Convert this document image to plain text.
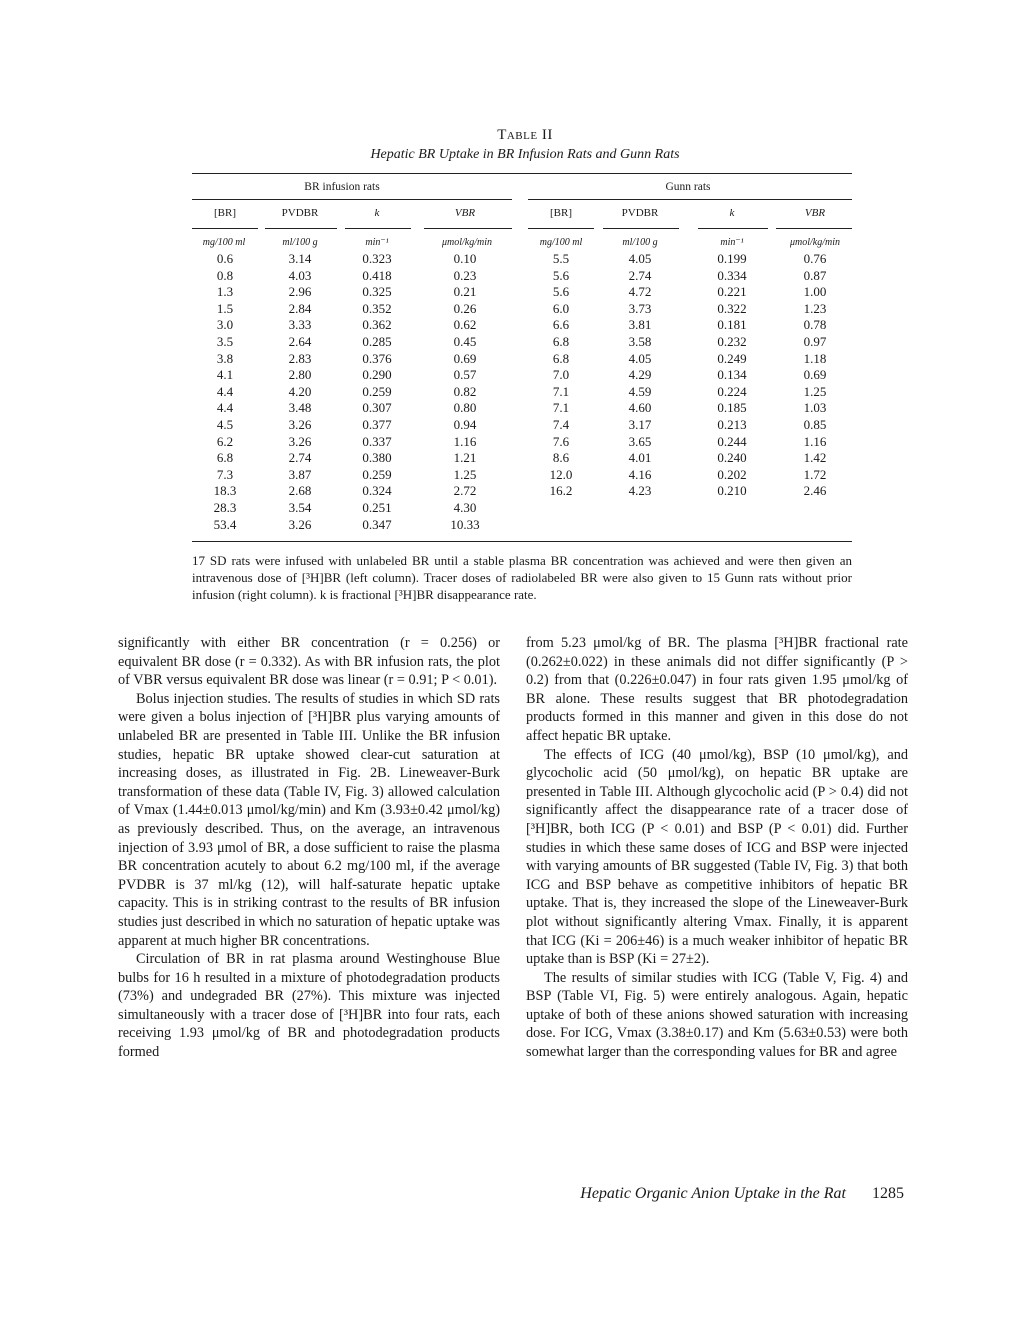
Table II
Hepatic BR Uptake in BR Infusion Rats and Gunn Rats
BR infusion rats	Gunn rats
[BR]	PVDBR	k	VBR	[BR]	PVDBR	k	VBR
mg/100 ml	ml/100 g	min⁻¹	μmol/kg/min	mg/100 ml	ml/100 g	min⁻¹	μmol/kg/min
0.6	3.14	0.323	0.10	5.5	4.05	0.199	0.76
0.8	4.03	0.418	0.23	5.6	2.74	0.334	0.87
1.3	2.96	0.325	0.21	5.6	4.72	0.221	1.00
1.5	2.84	0.352	0.26	6.0	3.73	0.322	1.23
3.0	3.33	0.362	0.62	6.6	3.81	0.181	0.78
3.5	2.64	0.285	0.45	6.8	3.58	0.232	0.97
3.8	2.83	0.376	0.69	6.8	4.05	0.249	1.18
4.1	2.80	0.290	0.57	7.0	4.29	0.134	0.69
4.4	4.20	0.259	0.82	7.1	4.59	0.224	1.25
4.4	3.48	0.307	0.80	7.1	4.60	0.185	1.03
4.5	3.26	0.377	0.94	7.4	3.17	0.213	0.85
6.2	3.26	0.337	1.16	7.6	3.65	0.244	1.16
6.8	2.74	0.380	1.21	8.6	4.01	0.240	1.42
7.3	3.87	0.259	1.25	12.0	4.16	0.202	1.72
18.3	2.68	0.324	2.72	16.2	4.23	0.210	2.46
28.3	3.54	0.251	4.30
53.4	3.26	0.347	10.33
17 SD rats were infused with unlabeled BR until a stable plasma BR concentration was achieved and were then given an intravenous dose of [³H]BR (left column). Tracer doses of radiolabeled BR were also given to 15 Gunn rats without prior infusion (right column). k is fractional [³H]BR disappearance rate.

significantly with either BR concentration (r = 0.256) or equivalent BR dose (r = 0.332). As with BR infusion rats, the plot of VBR versus equivalent BR dose was linear (r = 0.91; P < 0.01).

Bolus injection studies. The results of studies in which SD rats were given a bolus injection of [³H]BR plus varying amounts of unlabeled BR are presented in Table III. Unlike the BR infusion studies, hepatic BR uptake showed clear-cut saturation at increasing doses, as illustrated in Fig. 2B. Lineweaver-Burk transformation of these data (Table IV, Fig. 3) allowed calculation of Vmax (1.44±0.013 μmol/kg/min) and Km (3.93±0.42 μmol/kg) as previously described. Thus, on the average, an intravenous injection of 3.93 μmol of BR, a dose sufficient to raise the plasma BR concentration acutely to about 6.2 mg/100 ml, if the average PVDBR is 37 ml/kg (12), will half-saturate hepatic uptake capacity. This is in striking contrast to the results of BR infusion studies just described in which no saturation of hepatic uptake was apparent at much higher BR concentrations.

Circulation of BR in rat plasma around Westinghouse Blue bulbs for 16 h resulted in a mixture of photodegradation products (73%) and undegraded BR (27%). This mixture was injected simultaneously with a tracer dose of [³H]BR into four rats, each receiving 1.93 μmol/kg of BR and photodegradation products formed

from 5.23 μmol/kg of BR. The plasma [³H]BR fractional rate (0.262±0.022) in these animals did not differ significantly (P > 0.2) from that (0.226±0.047) in four rats given 1.95 μmol/kg of BR alone. These results suggest that BR photodegradation products formed in this manner and given in this dose do not affect hepatic BR uptake.

The effects of ICG (40 μmol/kg), BSP (10 μmol/kg), and glycocholic acid (50 μmol/kg), on hepatic BR uptake are presented in Table III. Although glycocholic acid (P > 0.4) did not significantly affect the disappearance rate of a tracer dose of [³H]BR, both ICG (P < 0.01) and BSP (P < 0.01) did. Further studies in which these same doses of ICG and BSP were injected with varying amounts of BR suggested (Table IV, Fig. 3) that both ICG and BSP behave as competitive inhibitors of hepatic BR uptake. That is, they increased the slope of the Lineweaver-Burk plot without significantly altering Vmax. Finally, it is apparent that ICG (Ki = 206±46) is a much weaker inhibitor of hepatic BR uptake than is BSP (Ki = 27±2).

The results of similar studies with ICG (Table V, Fig. 4) and BSP (Table VI, Fig. 5) were entirely analogous. Again, hepatic uptake of both of these anions showed saturation with increasing dose. For ICG, Vmax (3.38±0.17) and Km (5.63±0.53) were both somewhat larger than the corresponding values for BR and agree

Hepatic Organic Anion Uptake in the Rat 1285
